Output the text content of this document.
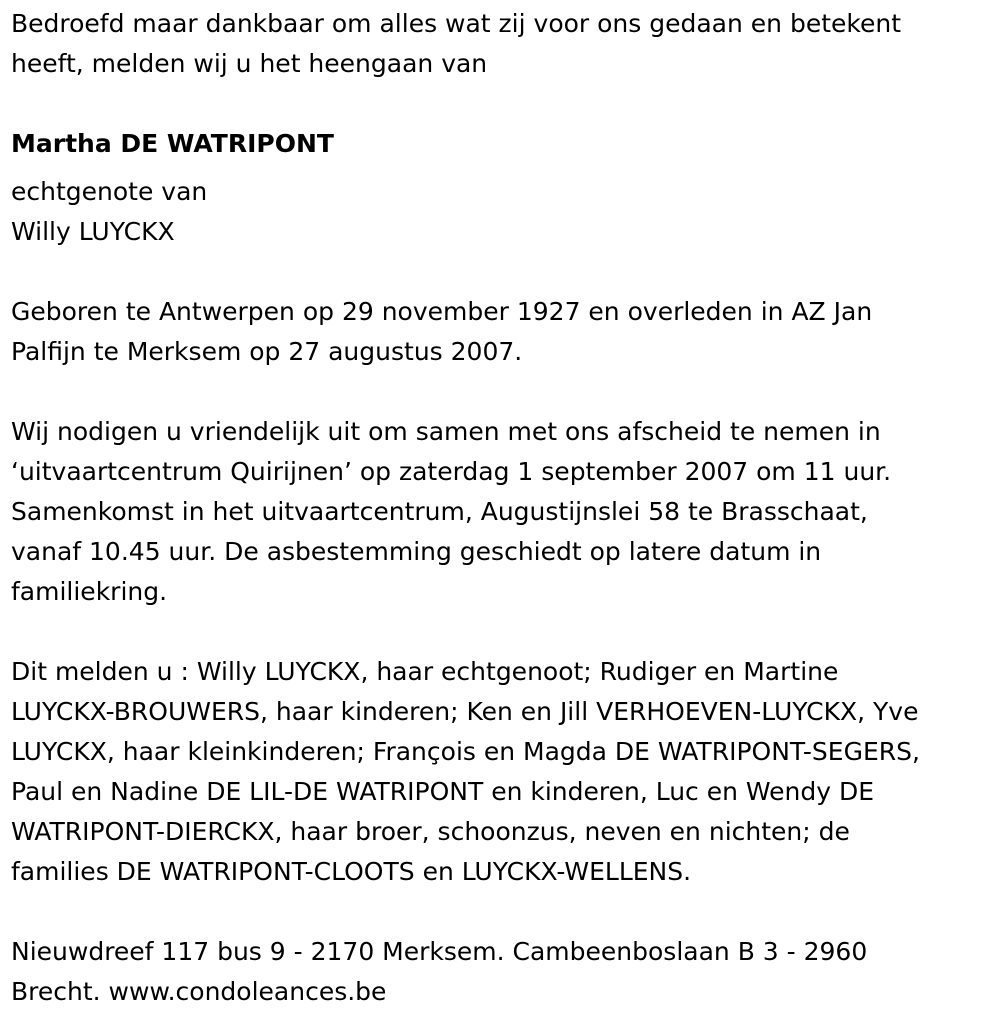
Bedroefd maar dankbaar om alles wat zij voor ons gedaan en betekent
heeft, melden wij u het heengaan van
Martha DE WATRIPONT
echtgenote van
Willy LUYCKX
Geboren te Antwerpen op 29 november 1927 en overleden in AZ Jan
Palfijn te Merksem op 27 augustus 2007.
Wij nodigen u vriendelijk uit om samen met ons afscheid te nemen in
‘uitvaartcentrum Quirijnen’ op zaterdag 1 september 2007 om 11 uur.
Samenkomst in het uitvaartcentrum, Augustijnslei 58 te Brasschaat,
vanaf 10.45 uur. De asbestemming geschiedt op latere datum in
familiekring.
Dit melden u : Willy LUYCKX, haar echtgenoot; Rudiger en Martine
LUYCKX-BROUWERS, haar kinderen; Ken en Jill VERHOEVEN-LUYCKX, Yve
LUYCKX, haar kleinkinderen; François en Magda DE WATRIPONT-SEGERS,
Paul en Nadine DE LIL-DE WATRIPONT en kinderen, Luc en Wendy DE
WATRIPONT-DIERCKX, haar broer, schoonzus, neven en nichten; de
families DE WATRIPONT-CLOOTS en LUYCKX-WELLENS.
Nieuwdreef 117 bus 9 - 2170 Merksem. Cambeenboslaan B 3 - 2960
Brecht. www.condoleances.be
